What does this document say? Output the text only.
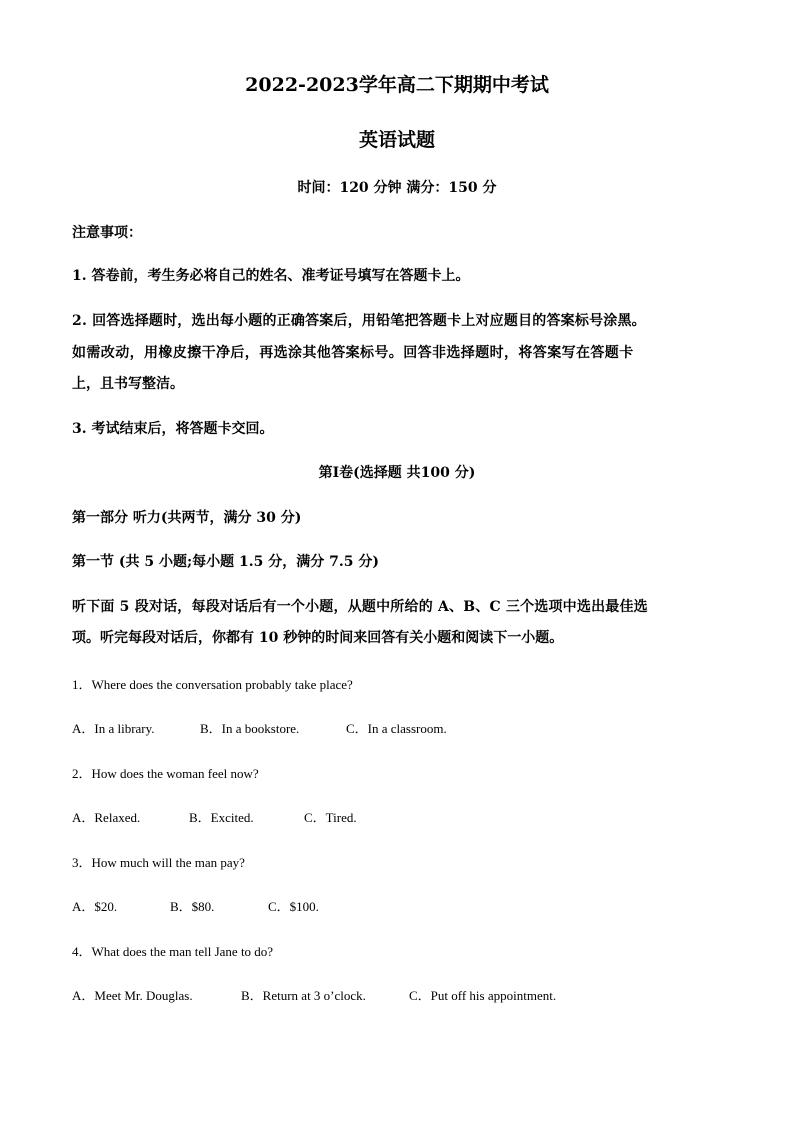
2022-2023学年高二下期期中考试
英语试题
时间：120 分钟 满分：150 分
注意事项：
1. 答卷前，考生务必将自己的姓名、准考证号填写在答题卡上。
2. 回答选择题时，选出每小题的正确答案后，用铅笔把答题卡上对应题目的答案标号涂黑。
如需改动，用橡皮擦干净后，再选涂其他答案标号。回答非选择题时，将答案写在答题卡
上，且书写整洁。
3. 考试结束后，将答题卡交回。
第Ⅰ卷(选择题 共100 分)
第一部分 听力(共两节，满分 30 分)
第一节 (共 5 小题;每小题 1.5 分，满分 7.5 分)
听下面 5 段对话，每段对话后有一个小题，从题中所给的 A、B、C 三个选项中选出最佳选
项。听完每段对话后，你都有 10 秒钟的时间来回答有关小题和阅读下一小题。
1．Where does the conversation probably take place?
A．In a library.	B．In a bookstore.	C．In a classroom.
2．How does the woman feel now?
A．Relaxed.	B．Excited.	C．Tired.
3．How much will the man pay?
A．$20.	B．$80.	C．$100.
4．What does the man tell Jane to do?
A．Meet Mr. Douglas.	B．Return at 3 o’clock.	C．Put off his appointment.
